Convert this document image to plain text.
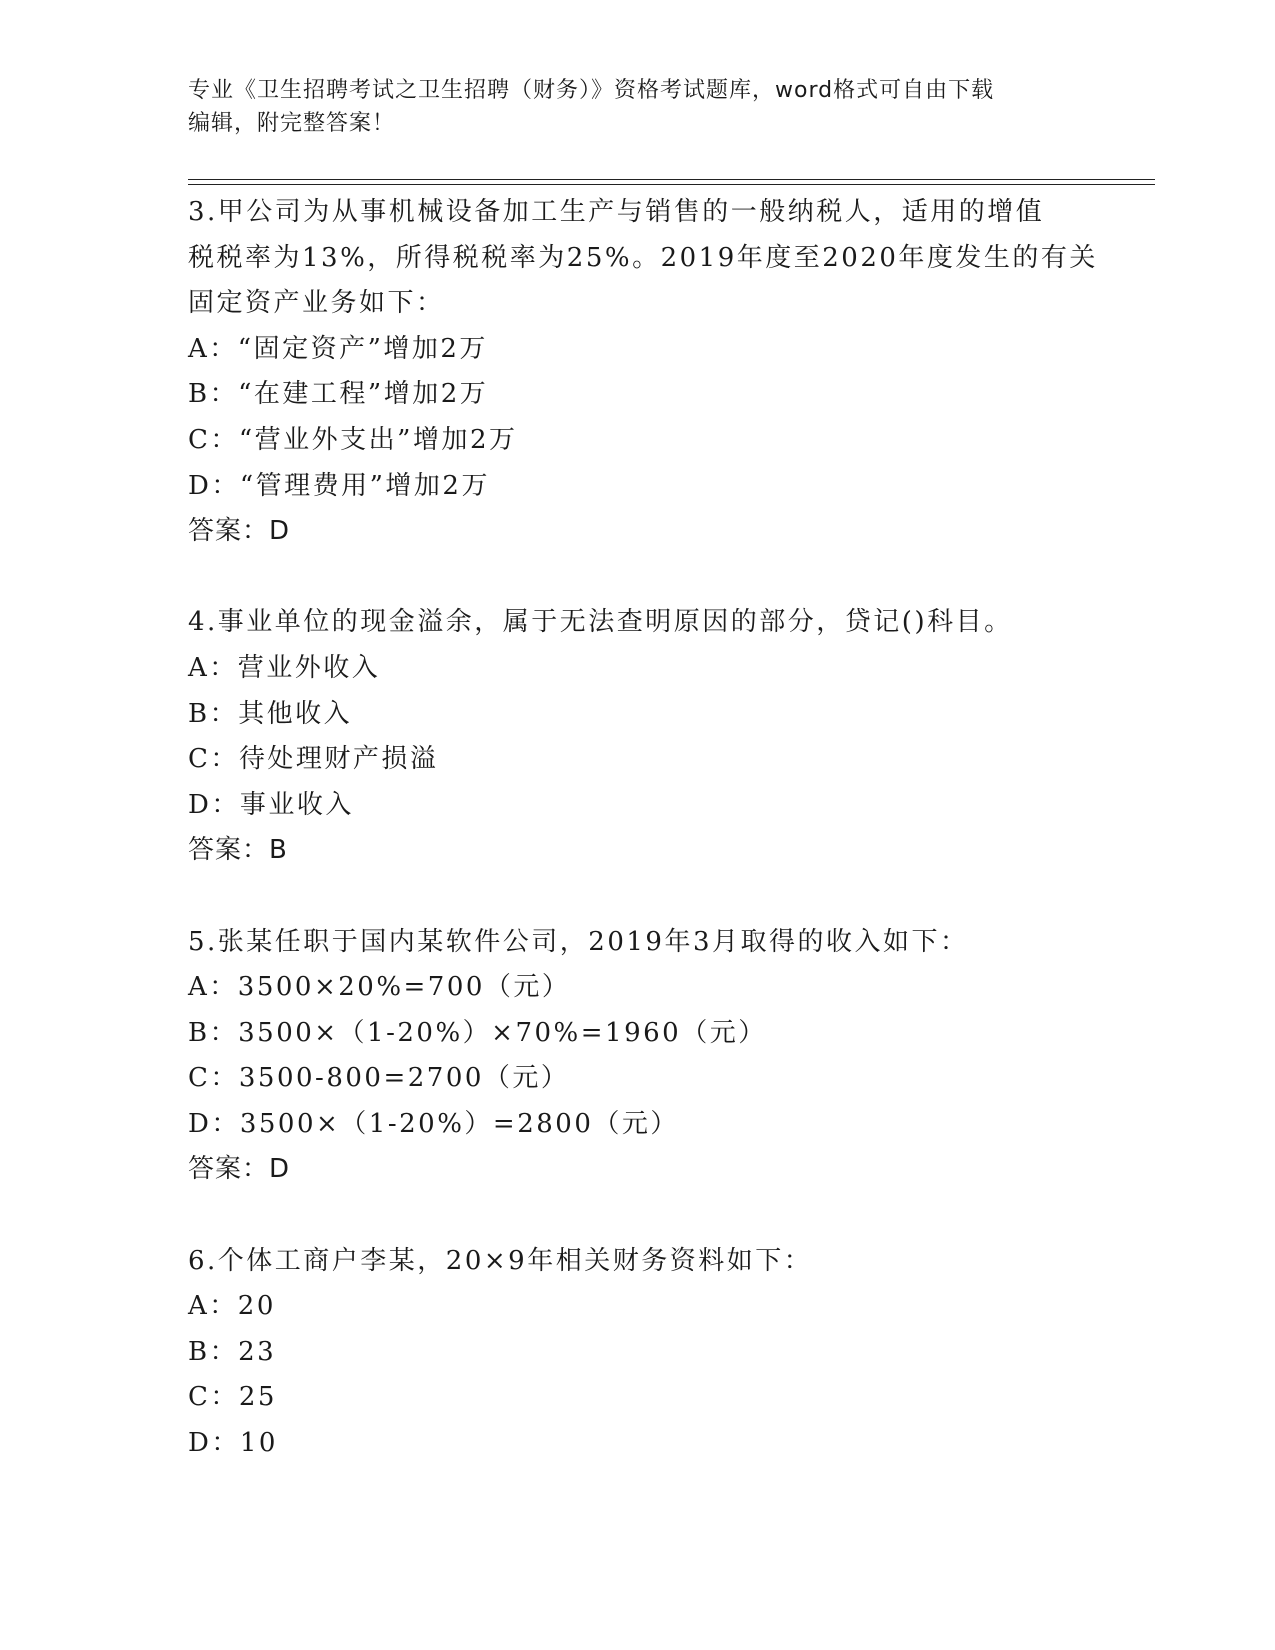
专业《卫生招聘考试之卫生招聘（财务）》资格考试题库，word格式可自由下载
编辑，附完整答案！
3.甲公司为从事机械设备加工生产与销售的一般纳税人，适用的增值
税税率为13%，所得税税率为25%。2019年度至2020年度发生的有关
固定资产业务如下：
A：“固定资产”增加2万
B：“在建工程”增加2万
C：“营业外支出”增加2万
D：“管理费用”增加2万
答案：D
4.事业单位的现金溢余，属于无法查明原因的部分，贷记()科目。
A：营业外收入
B：其他收入
C：待处理财产损溢
D：事业收入
答案：B
5.张某任职于国内某软件公司，2019年3月取得的收入如下：
A：3500×20%=700（元）
B：3500×（1-20%）×70%=1960（元）
C：3500-800=2700（元）
D：3500×（1-20%）=2800（元）
答案：D
6.个体工商户李某，20×9年相关财务资料如下：
A：20
B：23
C：25
D：10
